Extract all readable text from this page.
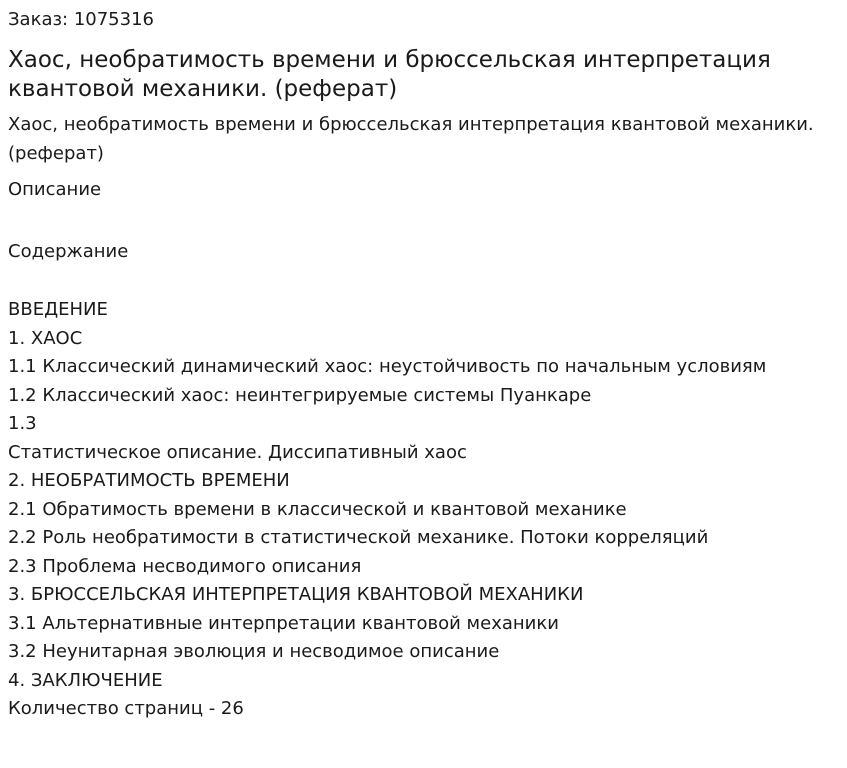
Заказ: 1075316
Хаос, необратимость времени и брюссельская интерпретация квантовой механики. (реферат)
Хаос, необратимость времени и брюссельская интерпретация квантовой механики. (реферат)
Описание
Содержание
ВВЕДЕНИЕ
1. ХАОС
1.1 Классический динамический хаос: неустойчивость по начальным условиям
1.2 Классический хаос: неинтегрируемые системы Пуанкаре
1.3
Статистическое описание. Диссипативный хаос
2. НЕОБРАТИМОСТЬ ВРЕМЕНИ
2.1 Обратимость времени в классической и квантовой механике
2.2 Роль необратимости в статистической механике. Потоки корреляций
2.3 Проблема несводимого описания
3. БРЮССЕЛЬСКАЯ ИНТЕРПРЕТАЦИЯ КВАНТОВОЙ МЕХАНИКИ
3.1 Альтернативные интерпретации квантовой механики
3.2 Неунитарная эволюция и несводимое описание
4. ЗАКЛЮЧЕНИЕ
Количество страниц - 26
